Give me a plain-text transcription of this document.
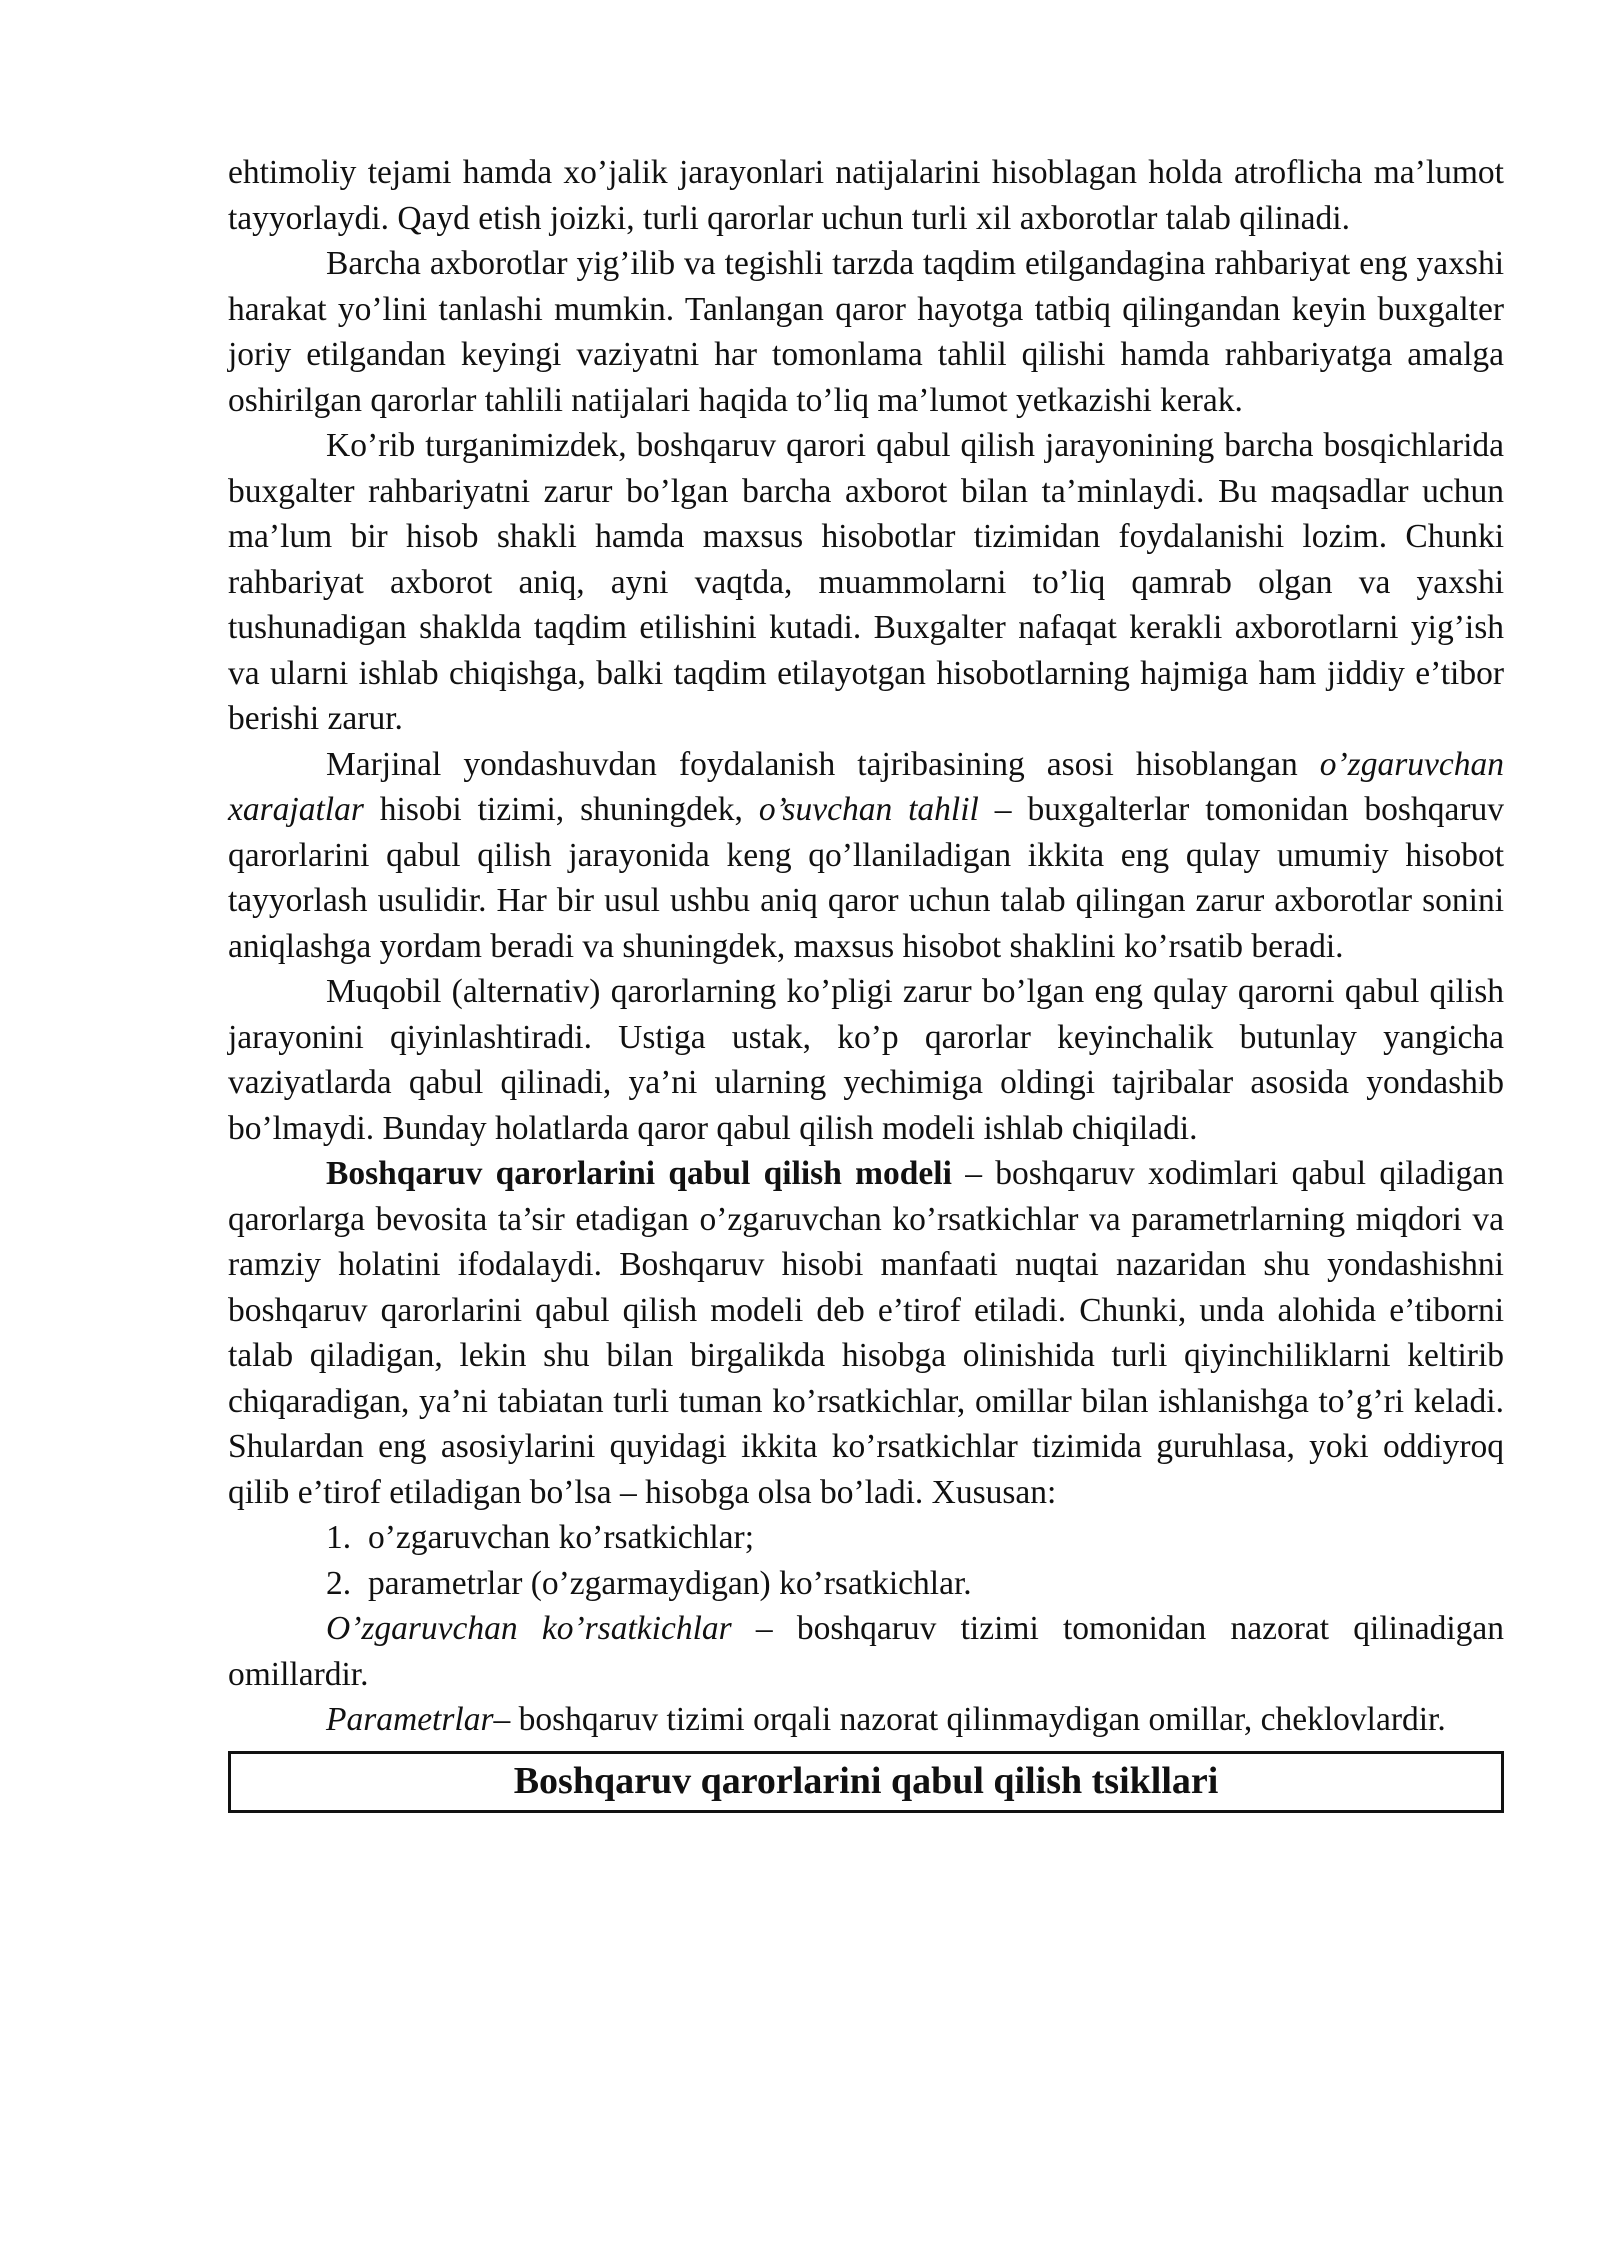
ehtimoliy tejami hamda xo’jalik jarayonlari natijalarini hisoblagan holda atroflicha ma’lumot tayyorlaydi. Qayd etish joizki, turli qarorlar uchun turli xil axborotlar talab qilinadi.

Barcha axborotlar yig’ilib va tegishli tarzda taqdim etilgandagina rahbariyat eng yaxshi harakat yo’lini tanlashi mumkin. Tanlangan qaror hayotga tatbiq qilingandan keyin buxgalter joriy etilgandan keyingi vaziyatni har tomonlama tahlil qilishi hamda rahbariyatga amalga oshirilgan qarorlar tahlili natijalari haqida to’liq ma’lumot yetkazishi kerak.

Ko’rib turganimizdek, boshqaruv qarori qabul qilish jarayonining barcha bosqichlarida buxgalter rahbariyatni zarur bo’lgan barcha axborot bilan ta’minlaydi. Bu maqsadlar uchun ma’lum bir hisob shakli hamda maxsus hisobotlar tizimidan foydalanishi lozim. Chunki rahbariyat axborot aniq, ayni vaqtda, muammolarni to’liq qamrab olgan va yaxshi tushunadigan shaklda taqdim etilishini kutadi. Buxgalter nafaqat kerakli axborotlarni yig’ish va ularni ishlab chiqishga, balki taqdim etilayotgan hisobotlarning hajmiga ham jiddiy e’tibor berishi zarur.

Marjinal yondashuvdan foydalanish tajribasining asosi hisoblangan o’zgaruvchan xarajatlar hisobi tizimi, shuningdek, o’suvchan tahlil – buxgalterlar tomonidan boshqaruv qarorlarini qabul qilish jarayonida keng qo’llaniladigan ikkita eng qulay umumiy hisobot tayyorlash usulidir. Har bir usul ushbu aniq qaror uchun talab qilingan zarur axborotlar sonini aniqlashga yordam beradi va shuningdek, maxsus hisobot shaklini ko’rsatib beradi.

Muqobil (alternativ) qarorlarning ko’pligi zarur bo’lgan eng qulay qarorni qabul qilish jarayonini qiyinlashtiradi. Ustiga ustak, ko’p qarorlar keyinchalik butunlay yangicha vaziyatlarda qabul qilinadi, ya’ni ularning yechimiga oldingi tajribalar asosida yondashib bo’lmaydi. Bunday holatlarda qaror qabul qilish modeli ishlab chiqiladi.

Boshqaruv qarorlarini qabul qilish modeli – boshqaruv xodimlari qabul qiladigan qarorlarga bevosita ta’sir etadigan o’zgaruvchan ko’rsatkichlar va parametrlarning miqdori va ramziy holatini ifodalaydi. Boshqaruv hisobi manfaati nuqtai nazaridan shu yondashishni boshqaruv qarorlarini qabul qilish modeli deb e’tirof etiladi. Chunki, unda alohida e’tiborni talab qiladigan, lekin shu bilan birgalikda hisobga olinishida turli qiyinchiliklarni keltirib chiqaradigan, ya’ni tabiatan turli tuman ko’rsatkichlar, omillar bilan ishlanishga to’g’ri keladi. Shulardan eng asosiylarini quyidagi ikkita ko’rsatkichlar tizimida guruhlasa, yoki oddiyroq qilib e’tirof etiladigan bo’lsa – hisobga olsa bo’ladi. Xususan:

1. o’zgaruvchan ko’rsatkichlar;

2. parametrlar (o’zgarmaydigan) ko’rsatkichlar.

O’zgaruvchan ko’rsatkichlar – boshqaruv tizimi tomonidan nazorat qilinadigan omillardir.

Parametrlar– boshqaruv tizimi orqali nazorat qilinmaydigan omillar, cheklovlardir.

Boshqaruv qarorlarini qabul qilish tsikllari
